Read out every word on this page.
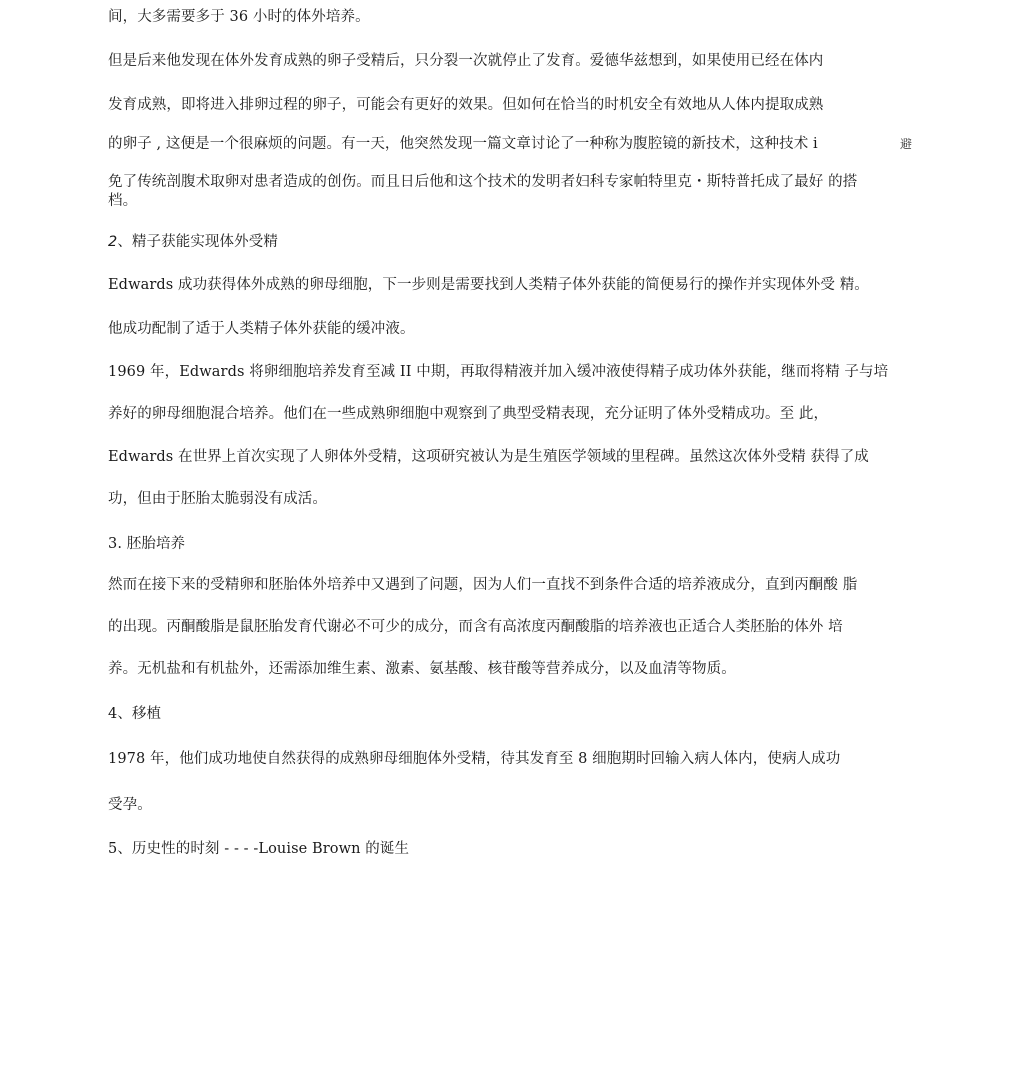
间，大多需要多于 36 小时的体外培养。
但是后来他发现在体外发育成熟的卵子受精后，只分裂一次就停止了发育。爱德华兹想到，如果使用已经在体内
发育成熟，即将进入排卵过程的卵子，可能会有更好的效果。但如何在恰当的时机安全有效地从人体内提取成熟
的卵子 , 这便是一个很麻烦的问题。有一天，他突然发现一篇文章讨论了一种称为腹腔镜的新技术，这种技术 i	避
免了传统剖腹术取卵对患者造成的创伤。而且日后他和这个技术的发明者妇科专家帕特里克・斯特普托成了最好 的搭
档。
2、精子获能实现体外受精
Edwards 成功获得体外成熟的卵母细胞，下一步则是需要找到人类精子体外获能的简便易行的操作并实现体外受 精。
他成功配制了适于人类精子体外获能的缓冲液。
1969 年，Edwards 将卵细胞培养发育至减 II 中期，再取得精液并加入缓冲液使得精子成功体外获能，继而将精 子与培
养好的卵母细胞混合培养。他们在一些成熟卵细胞中观察到了典型受精表现，充分证明了体外受精成功。至 此，
Edwards 在世界上首次实现了人卵体外受精，这项研究被认为是生殖医学领域的里程碑。虽然这次体外受精 获得了成
功，但由于胚胎太脆弱没有成活。
3. 胚胎培养
然而在接下来的受精卵和胚胎体外培养中又遇到了问题，因为人们一直找不到条件合适的培养液成分，直到丙酮酸 脂
的出现。丙酮酸脂是鼠胚胎发育代谢必不可少的成分，而含有高浓度丙酮酸脂的培养液也正适合人类胚胎的体外 培
养。无机盐和有机盐外，还需添加维生素、激素、氨基酸、核苷酸等营养成分，以及血清等物质。
4、移植
1978 年，他们成功地使自然获得的成熟卵母细胞体外受精，待其发育至 8 细胞期时回输入病人体内，使病人成功
受孕。
5、历史性的时刻 - - - -Louise Brown 的诞生
